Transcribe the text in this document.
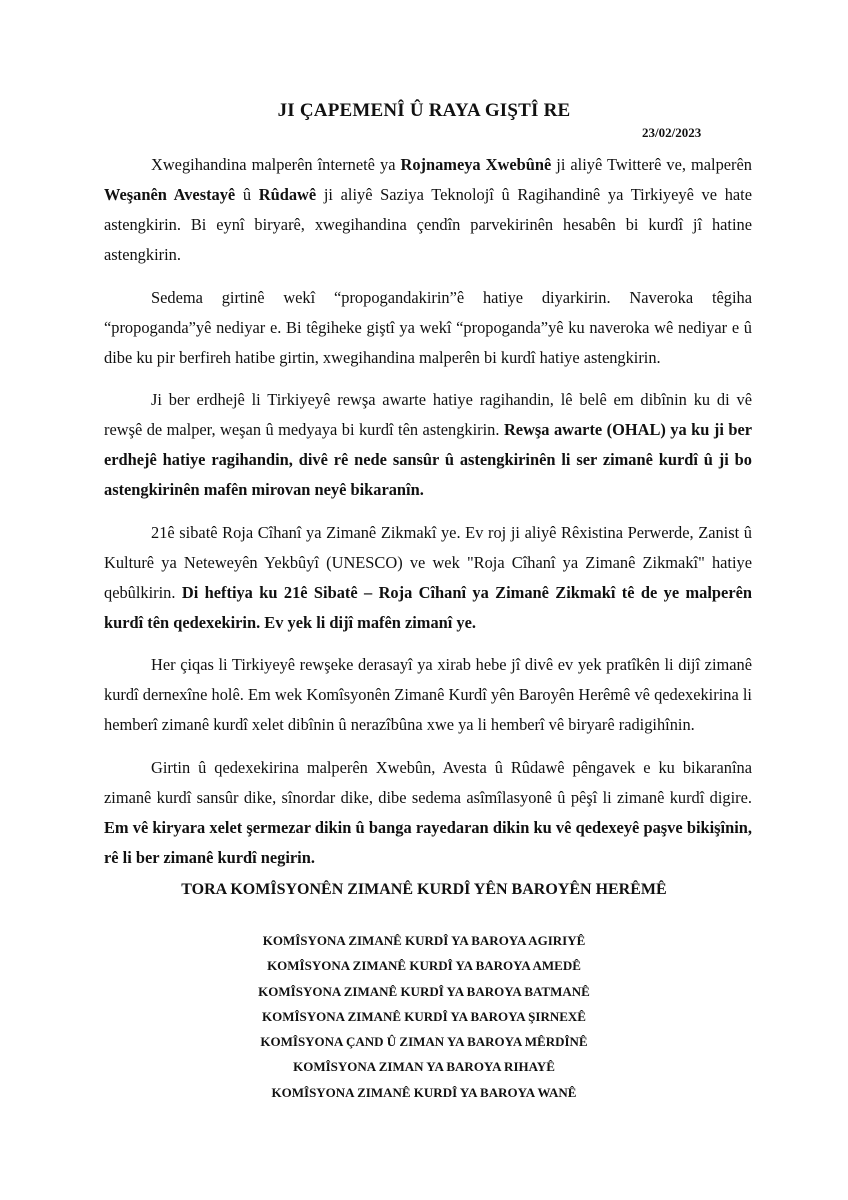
JI ÇAPEMENÎ Û RAYA GIŞTÎ RE
23/02/2023

Xwegihandina malperên înternetê ya Rojnameya Xwebûnê ji aliyê Twitterê ve, malperên Weşanên Avestayê û Rûdawê ji aliyê Saziya Teknolojî û Ragihandinê ya Tirkiyeyê ve hate astengkirin. Bi eynî biryarê, xwegihandina çendîn parvekirinên hesabên bi kurdî jî hatine astengkirin.

Sedema girtinê wekî “propogandakirin”ê hatiye diyarkirin. Naveroka têgiha “propoganda”yê nediyar e. Bi têgiheke giştî ya wekî “propoganda”yê ku naveroka wê nediyar e û dibe ku pir berfireh hatibe girtin, xwegihandina malperên bi kurdî hatiye astengkirin.

Ji ber erdhejê li Tirkiyeyê rewşa awarte hatiye ragihandin, lê belê em dibînin ku di vê rewşê de malper, weşan û medyaya bi kurdî tên astengkirin. Rewşa awarte (OHAL) ya ku ji ber erdhejê hatiye ragihandin, divê rê nede sansûr û astengkirinên li ser zimanê kurdî û ji bo astengkirinên mafên mirovan neyê bikaranîn.

21ê sibatê Roja Cîhanî ya Zimanê Zikmakî ye. Ev roj ji aliyê Rêxistina Perwerde, Zanist û Kulturê ya Neteweyên Yekbûyî (UNESCO) ve wek "Roja Cîhanî ya Zimanê Zikmakî" hatiye qebûlkirin. Di heftiya ku 21ê Sibatê – Roja Cîhanî ya Zimanê Zikmakî tê de ye malperên kurdî tên qedexekirin. Ev yek li dijî mafên zimanî ye.

Her çiqas li Tirkiyeyê rewşeke derasayî ya xirab hebe jî divê ev yek pratîkên li dijî zimanê kurdî dernexîne holê. Em wek Komîsyonên Zimanê Kurdî yên Baroyên Herêmê vê qedexekirina li hemberî zimanê kurdî xelet dibînin û nerazîbûna xwe ya li hemberî vê biryarê radigihînin.

Girtin û qedexekirina malperên Xwebûn, Avesta û Rûdawê pêngavek e ku bikaranîna zimanê kurdî sansûr dike, sînordar dike, dibe sedema asîmîlasyonê û pêşî li zimanê kurdî digire. Em vê kiryara xelet şermezar dikin û banga rayedaran dikin ku vê qedexeyê paşve bikişînin, rê li ber zimanê kurdî negirin.

TORA KOMÎSYONÊN ZIMANÊ KURDÎ YÊN BAROYÊN HERÊMÊ
KOMÎSYONA ZIMANÊ KURDÎ YA BAROYA AGIRIYÊ
KOMÎSYONA ZIMANÊ KURDÎ YA BAROYA AMEDÊ
KOMÎSYONA ZIMANÊ KURDÎ YA BAROYA BATMANÊ
KOMÎSYONA ZIMANÊ KURDÎ YA BAROYA ŞIRNEXÊ
KOMÎSYONA ÇAND Û ZIMAN YA BAROYA MÊRDÎNÊ
KOMÎSYONA ZIMAN YA BAROYA RIHAYÊ
KOMÎSYONA ZIMANÊ KURDÎ YA BAROYA WANÊ
